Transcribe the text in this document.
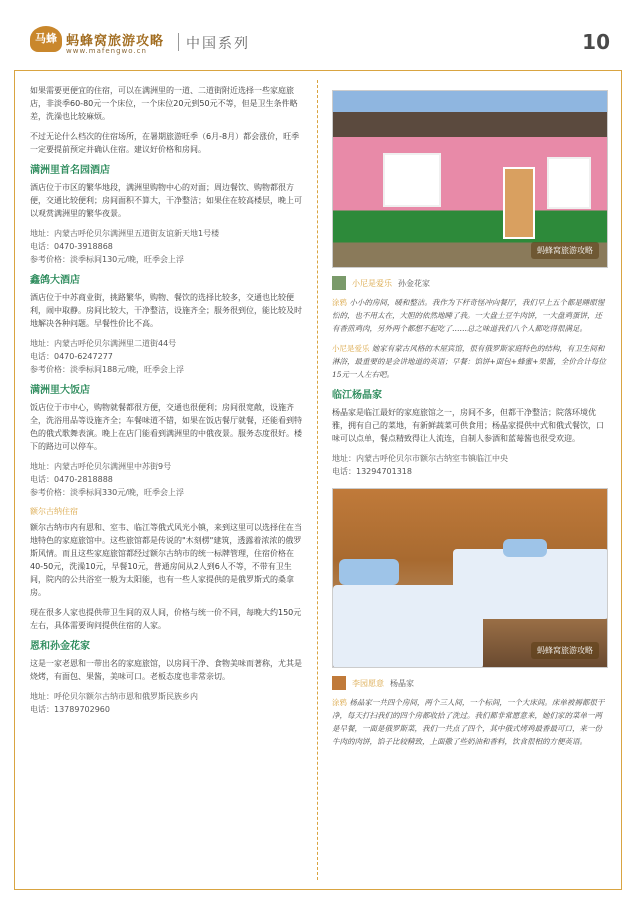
马蜂 蚂蜂窝旅游攻略
www.mafengwo.cn	中国系列	10

如果需要更便宜的住宿，可以在满洲里的一道、二道街附近选择一些家庭旅店，非淡季60-80元一个床位，一个床位20元到50元不等，但是卫生条件略差，洗澡也比较麻烦。

不过无论什么档次的住宿场所，在暑期旅游旺季（6月-8月）都会涨价，旺季一定要提前预定并确认住宿。建议好价格和房间。

满洲里首名园酒店

酒店位于市区的繁华地段，满洲里购物中心的对面；周边餐饮、购物都很方便，交通比较便利；房间面积不算大，干净整洁；如果住在较高楼层，晚上可以观赏满洲里的繁华夜景。

地址：内蒙古呼伦贝尔满洲里五道街友谊新天地1号楼
电话：0470-3918868
参考价格：淡季标间130元/晚，旺季会上浮
鑫鸽大酒店

酒店位于中苏商业街，挑路繁华，购物、餐饮的选择比较多，交通也比较便利，闹中取静。房间比较大，干净整洁，设施齐全；服务很到位，能比较及时地解决各种问题。早餐性价比不高。

地址：内蒙古呼伦贝尔满洲里二道街44号
电话：0470-6247277
参考价格：淡季标间188元/晚，旺季会上浮
满洲里大饭店

饭店位于市中心，购物就餐都很方便，交通也很便利；房间很宽敞，设施齐全，洗浴用品等设施齐全；车餐味道不错，如果在饭店餐厅就餐，还能看到特色的俄式歌舞表演。晚上在店门能看到满洲里的中俄夜景。服务态度很好。楼下的路边可以停车。

地址：内蒙古呼伦贝尔满洲里中苏街9号
电话：0470-2818888
参考价格：淡季标间330元/晚，旺季会上浮
额尔古纳住宿

额尔古纳市内有恩和、室韦、临江等俄式风光小镇，来到这里可以选择住在当地特色的家庭旅馆中。这些旅馆都是传说的"木刻楞"建筑，透露着浓浓的俄罗斯风情。而且这些家庭旅馆都经过额尔古纳市的统一标牌管理，住宿价格在40-50元，洗澡10元，早餐10元，普通房间从2人到6人不等，不带有卫生间，院内的公共浴室一般为太阳能，也有一些人家提供的是俄罗斯式的桑拿房。

现在很多人家也提供带卫生间的双人间，价格与统一价不同，每晚大约150元左右，具体需要询问提供住宿的人家。

恩和孙金花家

这是一家老恩和一带出名的家庭旅馆，以房间干净、食物美味而著称，尤其是烧烤，有面包、果酱，美味可口。老板态度也非常亲切。

地址：呼伦贝尔额尔古纳市恩和俄罗斯民族乡内
电话：13789702960
蚂蜂窝旅游攻略
小尼是爱乐 孙金花家

涂鸦 小小的房间，暖和整洁。我作为下杆奇怪冲向餐厅，我们早上五个都是睡眼惺忪的，也不用太在，大胆的依然地睡了我。一大盘土豆牛肉饼，一大盘鸡蛋饼，还有香煎鸡肉，另外两个都想不起吃了……总之味道我们八个人都吃得很满足。

小尼是爱乐 她家有蒙古风格的木屋宾馆，很有俄罗斯家庭特色的结构，有卫生间和淋浴，最重要的是会讲地道的英语；早餐：馅饼+面包+蜂蜜+果酱，全价合计每位15元一人左右吧。

临江杨晶家

杨晶家是临江最好的家庭旅馆之一，房间不多，但都干净整洁；院落环境优雅，拥有自己的菜地，有新鲜蔬菜可供食用；杨晶家提供中式和俄式餐饮，口味可以点单，餐点精致得让人流连，自制人参酒和蓝莓酱也很受欢迎。

地址：内蒙古呼伦贝尔市额尔古纳室韦镇临江中央
电话：13294701318
蚂蜂窝旅游攻略
李园愿意 杨晶家

涂鸦 杨晶家一共四个房间，两个三人间，一个标间，一个大床间。床单被褥都很干净，每天打扫我们的四个房都收拾了洗过。我们都非常愿意来，她们家的菜单一两是早餐，一面是俄罗斯菜，我们一共点了四个，其中俄式烤鸡最香最可口，来一份牛肉的肉饼，馅子比较精致，上面撒了些奶油和香料，饮食很相的方便英语。
